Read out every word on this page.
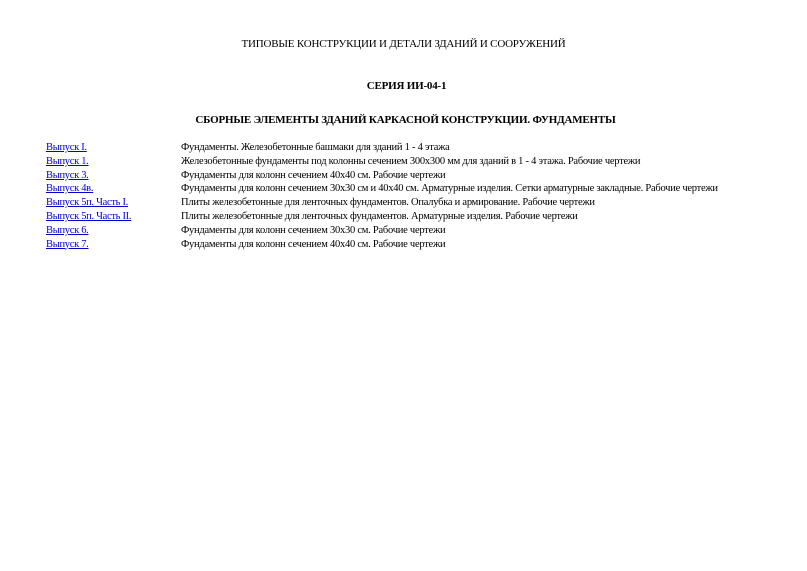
ТИПОВЫЕ КОНСТРУКЦИИ И ДЕТАЛИ ЗДАНИЙ И СООРУЖЕНИЙ
СЕРИЯ ИИ-04-1
СБОРНЫЕ ЭЛЕМЕНТЫ ЗДАНИЙ КАРКАСНОЙ КОНСТРУКЦИИ. ФУНДАМЕНТЫ
Выпуск I.	Фундаменты. Железобетонные башмаки для зданий 1 - 4 этажа
Выпуск 1.	Железобетонные фундаменты под колонны сечением 300х300 мм для зданий в 1 - 4 этажа. Рабочие чертежи
Выпуск 3.	Фундаменты для колонн сечением 40х40 см. Рабочие чертежи
Выпуск 4в.	Фундаменты для колонн сечением 30х30 см и 40х40 см. Арматурные изделия. Сетки арматурные закладные. Рабочие чертежи
Выпуск 5п. Часть I.	Плиты железобетонные для ленточных фундаментов. Опалубка и армирование. Рабочие чертежи
Выпуск 5п. Часть II.	Плиты железобетонные для ленточных фундаментов. Арматурные изделия. Рабочие чертежи
Выпуск 6.	Фундаменты для колонн сечением 30х30 см. Рабочие чертежи
Выпуск 7.	Фундаменты для колонн сечением 40х40 см. Рабочие чертежи
